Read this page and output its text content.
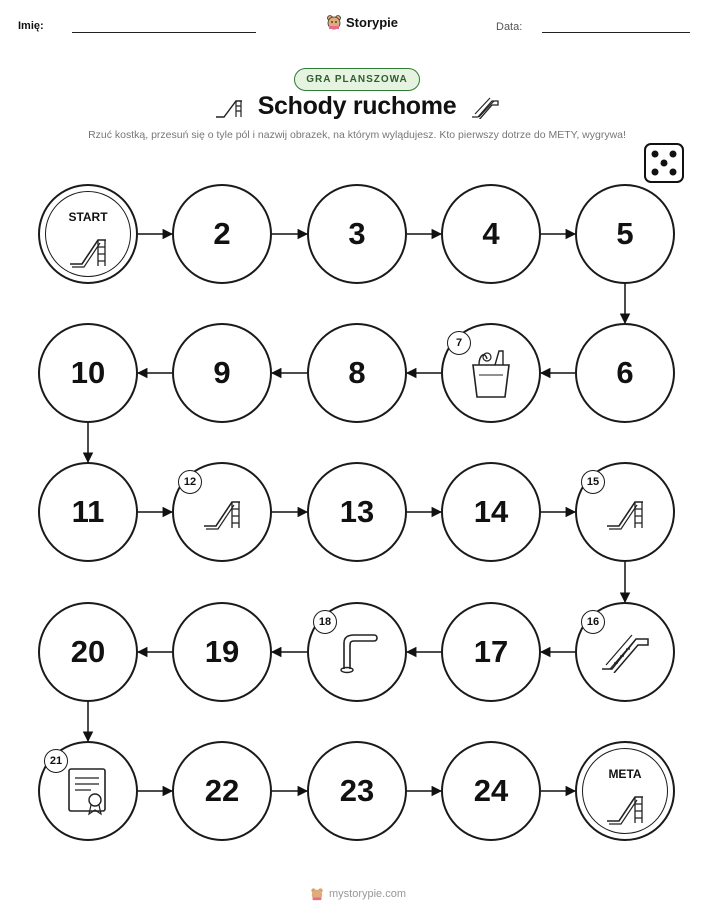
Imię:	Storypie	Data:
GRA PLANSZOWA
Schody ruchome
Rzuć kostką, przesuń się o tyle pól i nazwij obrazek, na którym wylądujesz. Kto pierwszy dotrze do METY, wygrywa!
START	2	3	4	5
6
7
8
9
10
11
12
13	14
15
16
17
18
19
20
21
22	23	24	META
mystorypie.com
